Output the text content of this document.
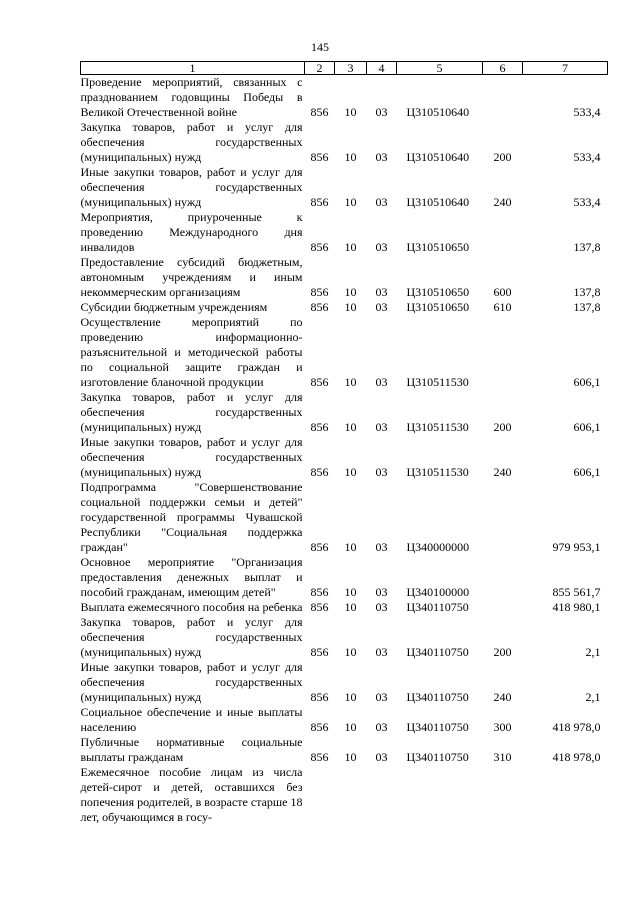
145
1	2	3	4	5	6	7
Проведение мероприятий, связанных с празднованием годовщины Победы в Великой Отечественной войне	856	10	03	Ц310510640		533,4
Закупка товаров, работ и услуг для обеспечения государственных (муниципальных) нужд	856	10	03	Ц310510640	200	533,4
Иные закупки товаров, работ и услуг для обеспечения государственных (муниципальных) нужд	856	10	03	Ц310510640	240	533,4
Мероприятия, приуроченные к проведению Международного дня инвалидов	856	10	03	Ц310510650		137,8
Предоставление субсидий бюджетным, автономным учреждениям и иным некоммерческим организациям	856	10	03	Ц310510650	600	137,8
Субсидии бюджетным учреждениям	856	10	03	Ц310510650	610	137,8
Осуществление мероприятий по проведению информационно-разъяснительной и методической работы по социальной защите граждан и изготовление бланочной продукции	856	10	03	Ц310511530		606,1
Закупка товаров, работ и услуг для обеспечения государственных (муниципальных) нужд	856	10	03	Ц310511530	200	606,1
Иные закупки товаров, работ и услуг для обеспечения государственных (муниципальных) нужд	856	10	03	Ц310511530	240	606,1
Подпрограмма "Совершенствование социальной поддержки семьи и детей" государственной программы Чувашской Республики "Социальная поддержка граждан"	856	10	03	Ц340000000		979 953,1
Основное мероприятие "Организация предоставления денежных выплат и пособий гражданам, имеющим детей"	856	10	03	Ц340100000		855 561,7
Выплата ежемесячного пособия на ребенка	856	10	03	Ц340110750		418 980,1
Закупка товаров, работ и услуг для обеспечения государственных (муниципальных) нужд	856	10	03	Ц340110750	200	2,1
Иные закупки товаров, работ и услуг для обеспечения государственных (муниципальных) нужд	856	10	03	Ц340110750	240	2,1
Социальное обеспечение и иные выплаты населению	856	10	03	Ц340110750	300	418 978,0
Публичные нормативные социальные выплаты гражданам	856	10	03	Ц340110750	310	418 978,0
Ежемесячное пособие лицам из числа детей-сирот и детей, оставшихся без попечения родителей, в возрасте старше 18 лет, обучающимся в госу-						
